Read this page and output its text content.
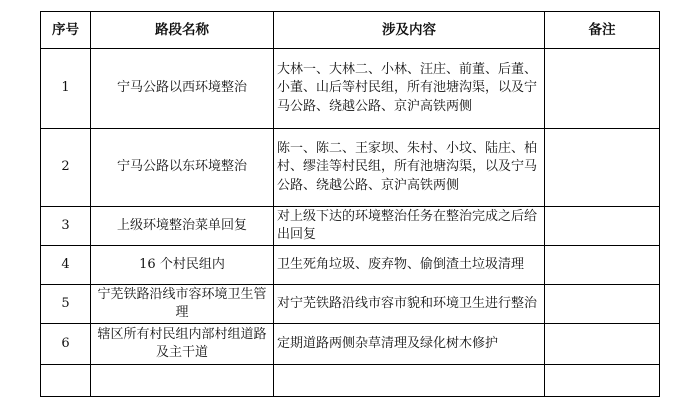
序号	路段名称	涉及内容	备注
1	宁马公路以西环境整治	大林一、大林二、小林、汪庄、前董、后董、小董、山后等村民组，所有池塘沟渠，以及宁马公路、绕越公路、京沪高铁两侧	
2	宁马公路以东环境整治	陈一、陈二、王家坝、朱村、小坟、陆庄、柏村、缪洼等村民组，所有池塘沟渠，以及宁马公路、绕越公路、京沪高铁两侧	
3	上级环境整治菜单回复	对上级下达的环境整治任务在整治完成之后给出回复	
4	16 个村民组内	卫生死角垃圾、废弃物、偷倒渣土垃圾清理	
5	宁芜铁路沿线市容环境卫生管理	对宁芜铁路沿线市容市貌和环境卫生进行整治	
6	辖区所有村民组内部村组道路及主干道	定期道路两侧杂草清理及绿化树木修护	
